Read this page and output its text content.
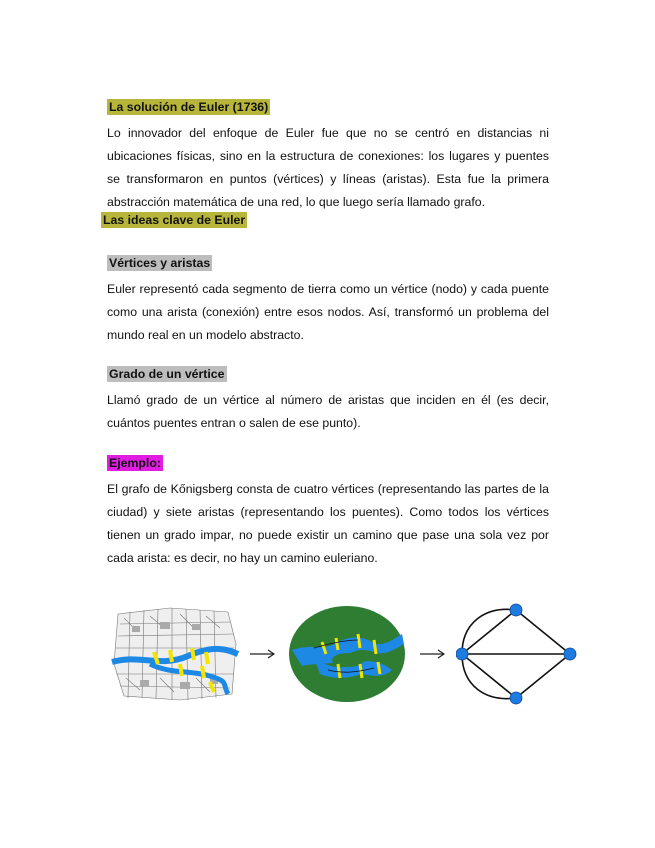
La solución de Euler (1736)
Lo innovador del enfoque de Euler fue que no se centró en distancias ni ubicaciones físicas, sino en la estructura de conexiones: los lugares y puentes se transformaron en puntos (vértices) y líneas (aristas). Esta fue la primera abstracción matemática de una red, lo que luego sería llamado grafo.
Las ideas clave de Euler
Vértices y aristas
Euler representó cada segmento de tierra como un vértice (nodo) y cada puente como una arista (conexión) entre esos nodos. Así, transformó un problema del mundo real en un modelo abstracto.
Grado de un vértice
Llamó grado de un vértice al número de aristas que inciden en él (es decir, cuántos puentes entran o salen de ese punto).
Ejemplo:
El grafo de Kőnigsberg consta de cuatro vértices (representando las partes de la ciudad) y siete aristas (representando los puentes). Como todos los vértices tienen un grado impar, no puede existir un camino que pase una sola vez por cada arista: es decir, no hay un camino euleriano.
